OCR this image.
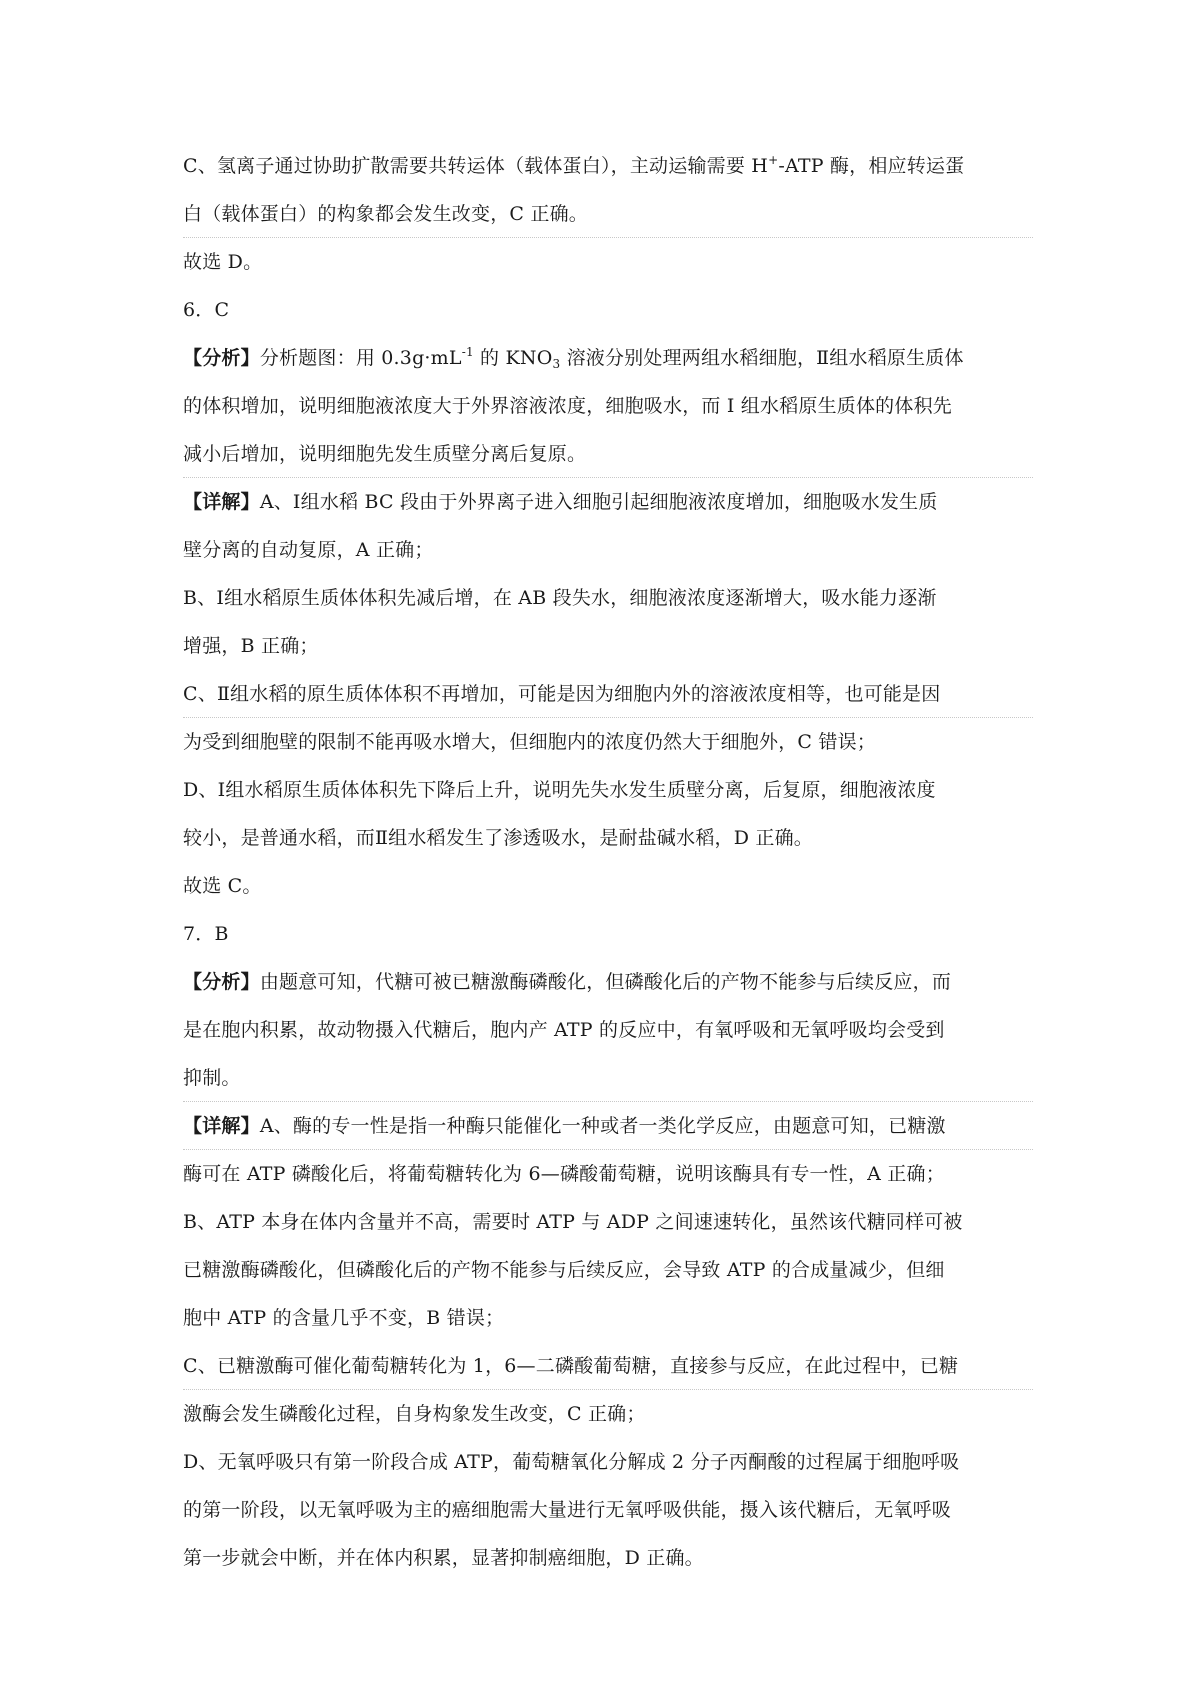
C、氢离子通过协助扩散需要共转运体（载体蛋白），主动运输需要 H+-ATP 酶，相应转运蛋
白（载体蛋白）的构象都会发生改变，C 正确。
故选 D。
6．C
【分析】分析题图：用 $0.3g\cdot mL^{-1}$ 的 $KNO_3$ 溶液分别处理两组水稻细胞，Ⅱ组水稻原生质体
的体积增加，说明细胞液浓度大于外界溶液浓度，细胞吸水，而 I 组水稻原生质体的体积先
减小后增加，说明细胞先发生质壁分离后复原。
【详解】A、Ⅰ组水稻 BC 段由于外界离子进入细胞引起细胞液浓度增加，细胞吸水发生质
壁分离的自动复原，A 正确；
B、Ⅰ组水稻原生质体体积先减后增，在 AB 段失水，细胞液浓度逐渐增大，吸水能力逐渐
增强，B 正确；
C、Ⅱ组水稻的原生质体体积不再增加，可能是因为细胞内外的溶液浓度相等，也可能是因
为受到细胞壁的限制不能再吸水增大，但细胞内的浓度仍然大于细胞外，C 错误；
D、Ⅰ组水稻原生质体体积先下降后上升，说明先失水发生质壁分离，后复原，细胞液浓度
较小，是普通水稻，而Ⅱ组水稻发生了渗透吸水，是耐盐碱水稻，D 正确。
故选 C。
7．B
【分析】由题意可知，代糖可被已糖激酶磷酸化，但磷酸化后的产物不能参与后续反应，而
是在胞内积累，故动物摄入代糖后，胞内产 ATP 的反应中，有氧呼吸和无氧呼吸均会受到
抑制。
【详解】A、酶的专一性是指一种酶只能催化一种或者一类化学反应，由题意可知，已糖激
酶可在 ATP 磷酸化后，将葡萄糖转化为 6—磷酸葡萄糖，说明该酶具有专一性，A 正确；
B、ATP 本身在体内含量并不高，需要时 ATP 与 ADP 之间速速转化，虽然该代糖同样可被
已糖激酶磷酸化，但磷酸化后的产物不能参与后续反应，会导致 ATP 的合成量减少，但细
胞中 ATP 的含量几乎不变，B 错误；
C、已糖激酶可催化葡萄糖转化为 1，6—二磷酸葡萄糖，直接参与反应，在此过程中，已糖
激酶会发生磷酸化过程，自身构象发生改变，C 正确；
D、无氧呼吸只有第一阶段合成 ATP，葡萄糖氧化分解成 2 分子丙酮酸的过程属于细胞呼吸
的第一阶段，以无氧呼吸为主的癌细胞需大量进行无氧呼吸供能，摄入该代糖后，无氧呼吸
第一步就会中断，并在体内积累，显著抑制癌细胞，D 正确。
